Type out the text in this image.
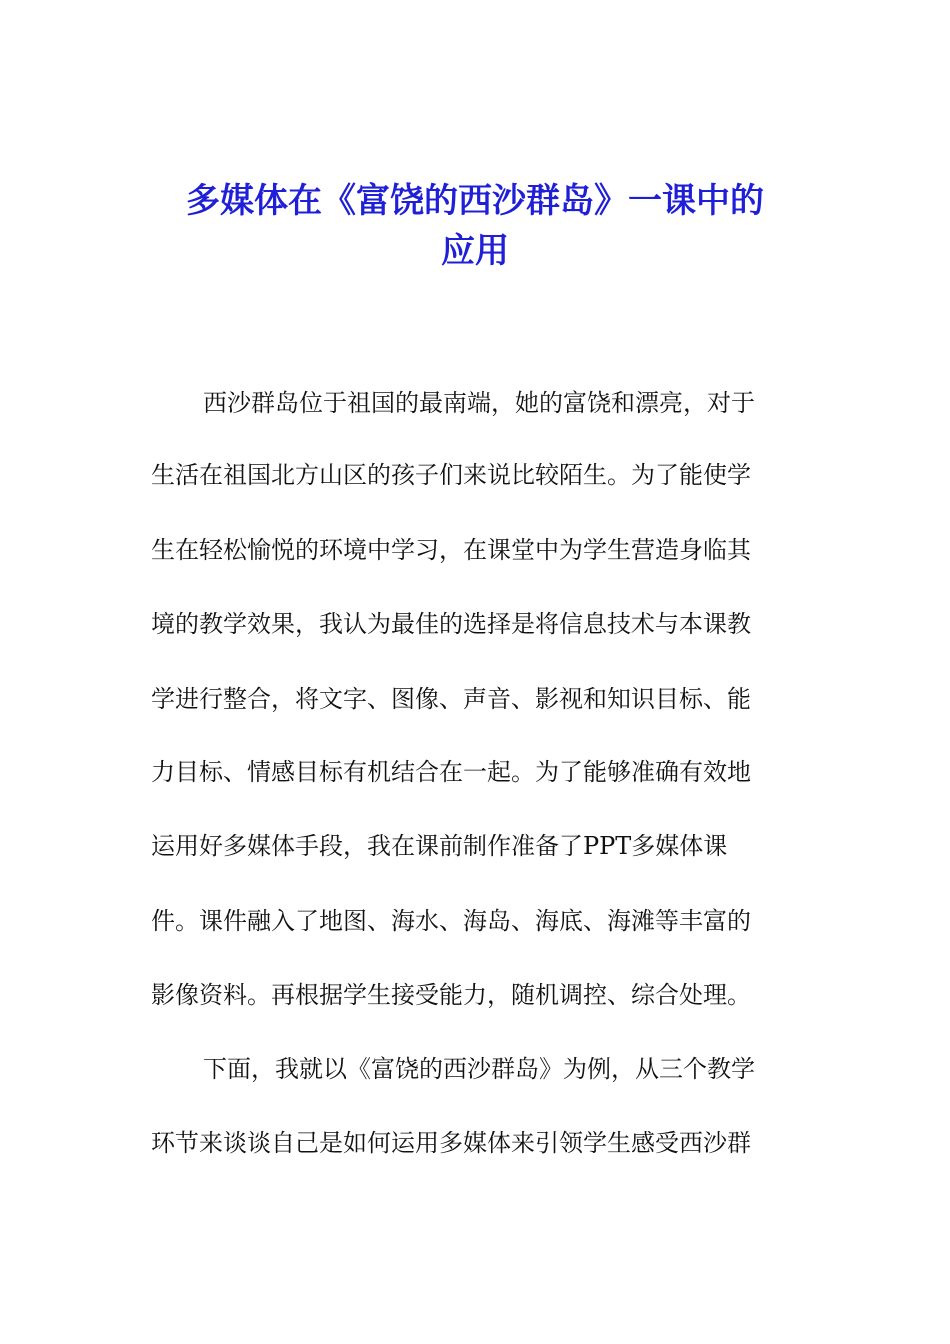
多媒体在《富饶的西沙群岛》一课中的
应用

西沙群岛位于祖国的最南端，她的富饶和漂亮，对于

生活在祖国北方山区的孩子们来说比较陌生。为了能使学

生在轻松愉悦的环境中学习，在课堂中为学生营造身临其

境的教学效果，我认为最佳的选择是将信息技术与本课教

学进行整合，将文字、图像、声音、影视和知识目标、能

力目标、情感目标有机结合在一起。为了能够准确有效地

运用好多媒体手段，我在课前制作准备了PPT多媒体课

件。课件融入了地图、海水、海岛、海底、海滩等丰富的

影像资料。再根据学生接受能力，随机调控、综合处理。

下面，我就以《富饶的西沙群岛》为例，从三个教学

环节来谈谈自己是如何运用多媒体来引领学生感受西沙群
